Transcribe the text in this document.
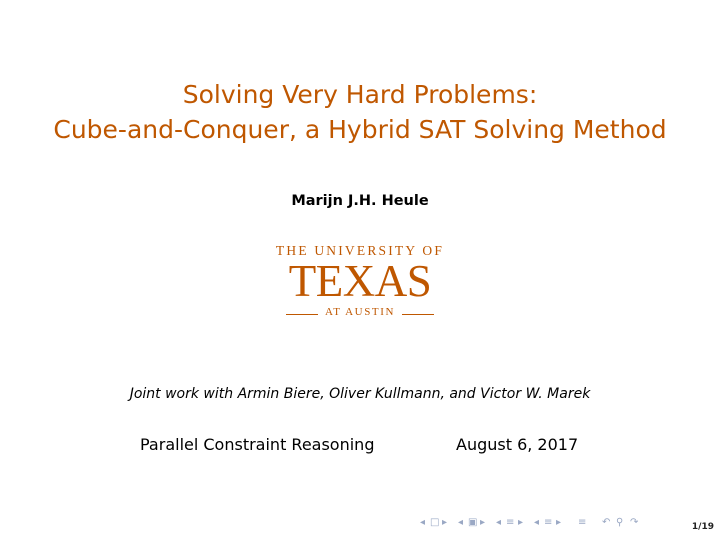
Solving Very Hard Problems:
Cube-and-Conquer, a Hybrid SAT Solving Method
Marijn J.H. Heule
THE UNIVERSITY OF
TEXAS
AT AUSTIN
Joint work with Armin Biere, Oliver Kullmann, and Victor W. Marek
Parallel Constraint Reasoning	August 6, 2017
◂ □ ▸ ◂ ▣ ▸ ◂ ≡ ▸ ◂ ≡ ▸ ≡ ↶ ⚲ ↷	1/19
